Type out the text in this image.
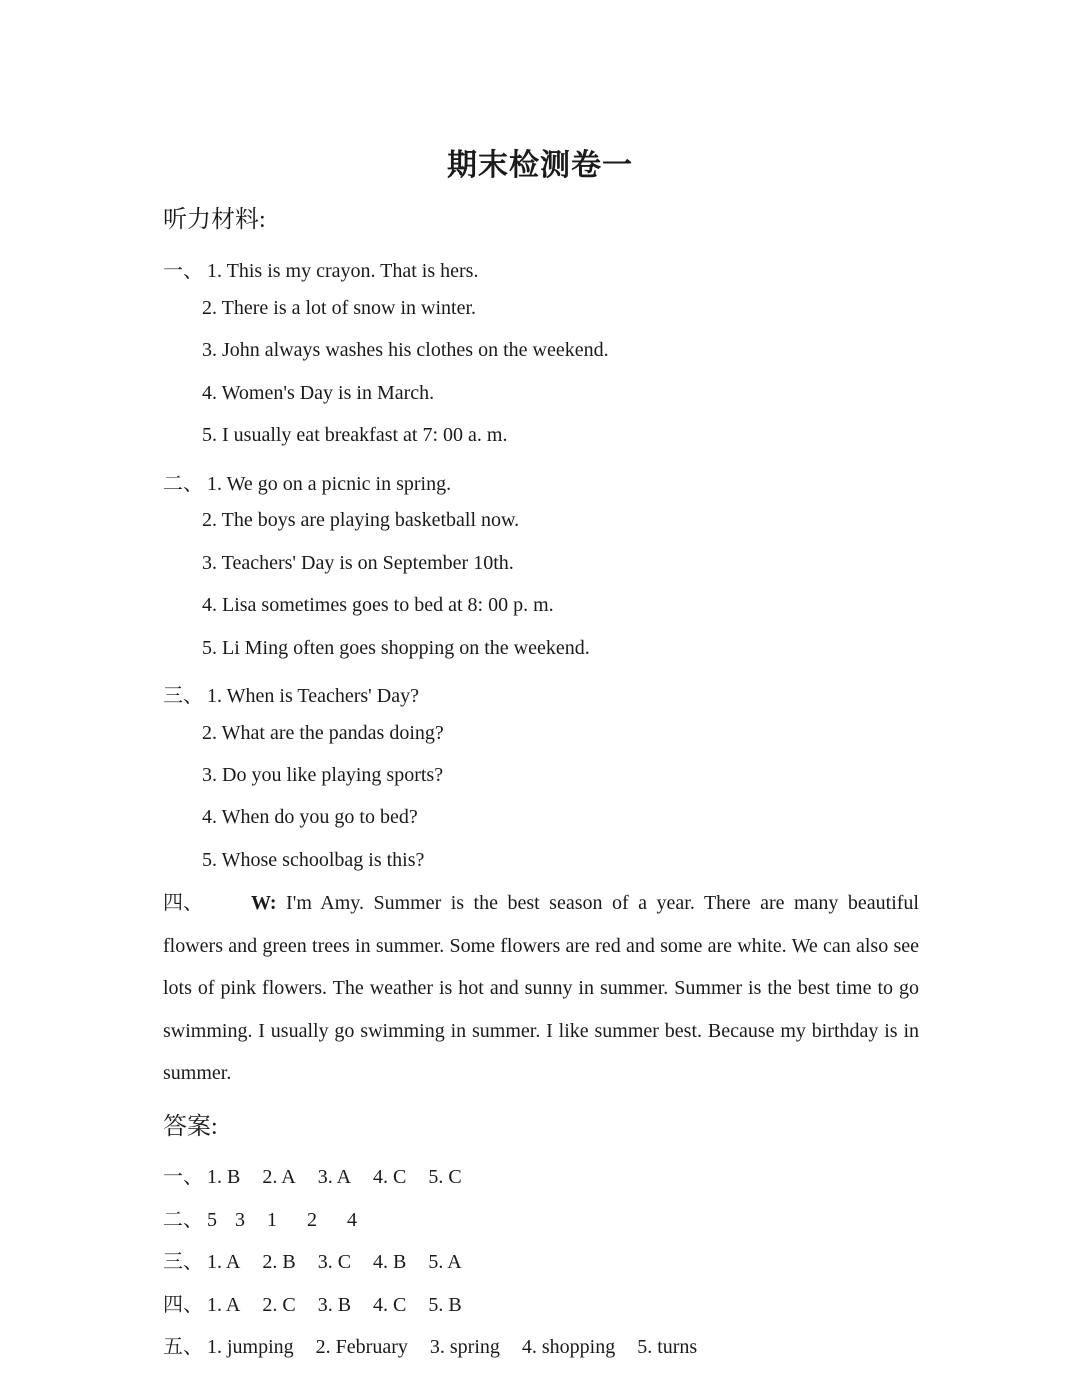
期末检测卷一
听力材料:
一、 1. This is my crayon. That is hers.
2. There is a lot of snow in winter.
3. John always washes his clothes on the weekend.
4. Women's Day is in March.
5. I usually eat breakfast at 7: 00 a. m.
二、 1. We go on a picnic in spring.
2. The boys are playing basketball now.
3. Teachers' Day is on September 10th.
4. Lisa sometimes goes to bed at 8: 00 p. m.
5. Li Ming often goes shopping on the weekend.
三、 1. When is Teachers' Day?
2. What are the pandas doing?
3. Do you like playing sports?
4. When do you go to bed?
5. Whose schoolbag is this?
四、 W: I'm Amy. Summer is the best season of a year. There are many beautiful flowers and green trees in summer. Some flowers are red and some are white. We can also see lots of pink flowers. The weather is hot and sunny in summer. Summer is the best time to go swimming. I usually go swimming in summer. I like summer best. Because my birthday is in summer.
答案:
一、 1. B 2. A 3. A 4. C 5. C
二、 5 3 1 2 4
三、 1. A 2. B 3. C 4. B 5. A
四、 1. A 2. C 3. B 4. C 5. B
五、 1. jumping 2. February 3. spring 4. shopping 5. turns
